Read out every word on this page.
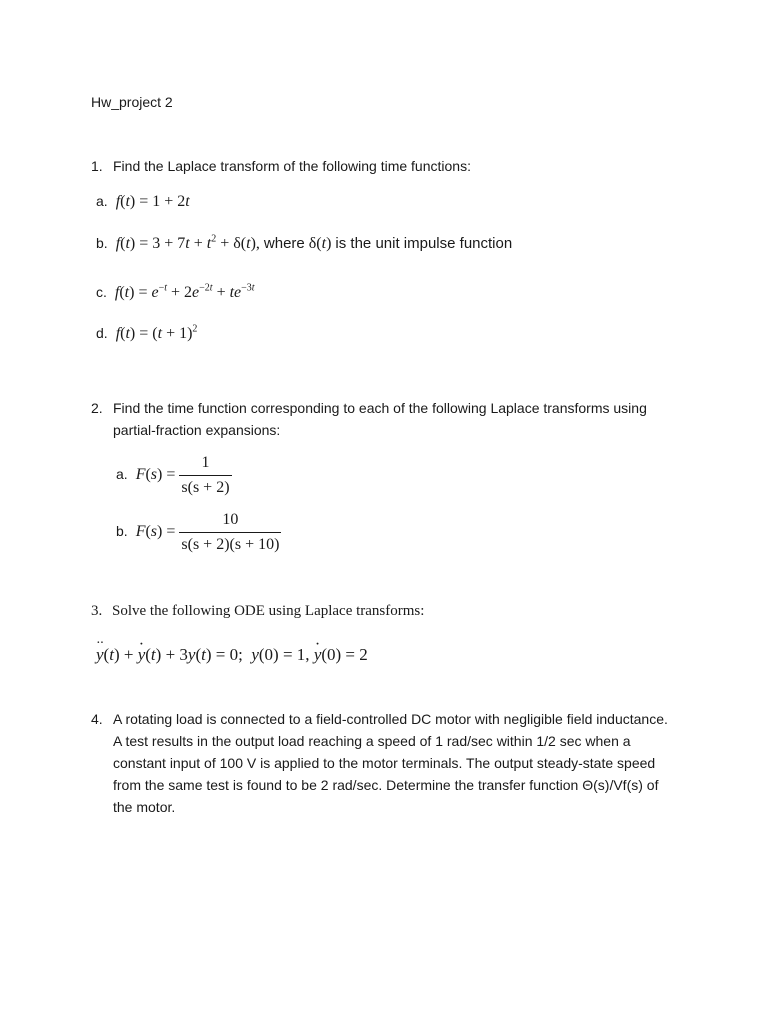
Hw_project 2
1. Find the Laplace transform of the following time functions:
a.  f(t) = 1 + 2t
b.  $f(t) = 3 + 7t + t^2 + \delta(t)$, where δ(t) is the unit impulse function
c.  $f(t) = e^{-t} + 2e^{-2t} + te^{-3t}$
d.  $f(t) = (t + 1)^2$
2. Find the time function corresponding to each of the following Laplace transforms using partial-fraction expansions:
a.  $F(s) = \frac{1}{s(s + 2)}$
b.  $F(s) = \frac{10}{s(s + 2)(s + 10)}$
3. Solve the following ODE using Laplace transforms:
·· y(t) + · y(t) + 3y(t) = 0;  y(0) = 1, · y(0) = 2
4. A rotating load is connected to a field-controlled DC motor with negligible field inductance. A test results in the output load reaching a speed of 1 rad/sec within 1/2 sec when a constant input of 100 V is applied to the motor terminals. The output steady-state speed from the same test is found to be 2 rad/sec. Determine the transfer function Θ(s)/Vf(s) of the motor.
